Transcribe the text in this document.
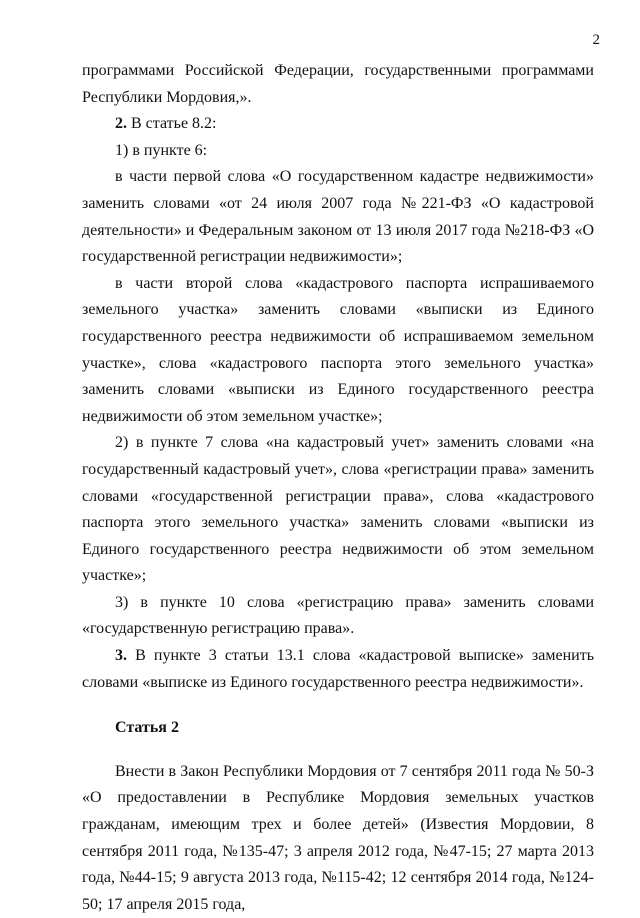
2

программами Российской Федерации, государственными программами Республики Мордовия,».

2. В статье 8.2:

1) в пункте 6:

в части первой слова «О государственном кадастре недвижимости» заменить словами «от 24 июля 2007 года №221-ФЗ «О кадастровой деятельности» и Федеральным законом от 13 июля 2017 года №218-ФЗ «О государственной регистрации недвижимости»;

в части второй слова «кадастрового паспорта испрашиваемого земельного участка» заменить словами «выписки из Единого государственного реестра недвижимости об испрашиваемом земельном участке», слова «кадастрового паспорта этого земельного участка» заменить словами «выписки из Единого государственного реестра недвижимости об этом земельном участке»;

2) в пункте 7 слова «на кадастровый учет» заменить словами «на государственный кадастровый учет», слова «регистрации права» заменить словами «государственной регистрации права», слова «кадастрового паспорта этого земельного участка» заменить словами «выписки из Единого государственного реестра недвижимости об этом земельном участке»;

3) в пункте 10 слова «регистрацию права» заменить словами «государственную регистрацию права».

3. В пункте 3 статьи 13.1 слова «кадастровой выписке» заменить словами «выписке из Единого государственного реестра недвижимости».

Статья 2

Внести в Закон Республики Мордовия от 7 сентября 2011 года № 50-З «О предоставлении в Республике Мордовия земельных участков гражданам, имеющим трех и более детей» (Известия Мордовии, 8 сентября 2011 года, №135-47; 3 апреля 2012 года, №47-15; 27 марта 2013 года, №44-15; 9 августа 2013 года, №115-42; 12 сентября 2014 года, №124-50; 17 апреля 2015 года,
